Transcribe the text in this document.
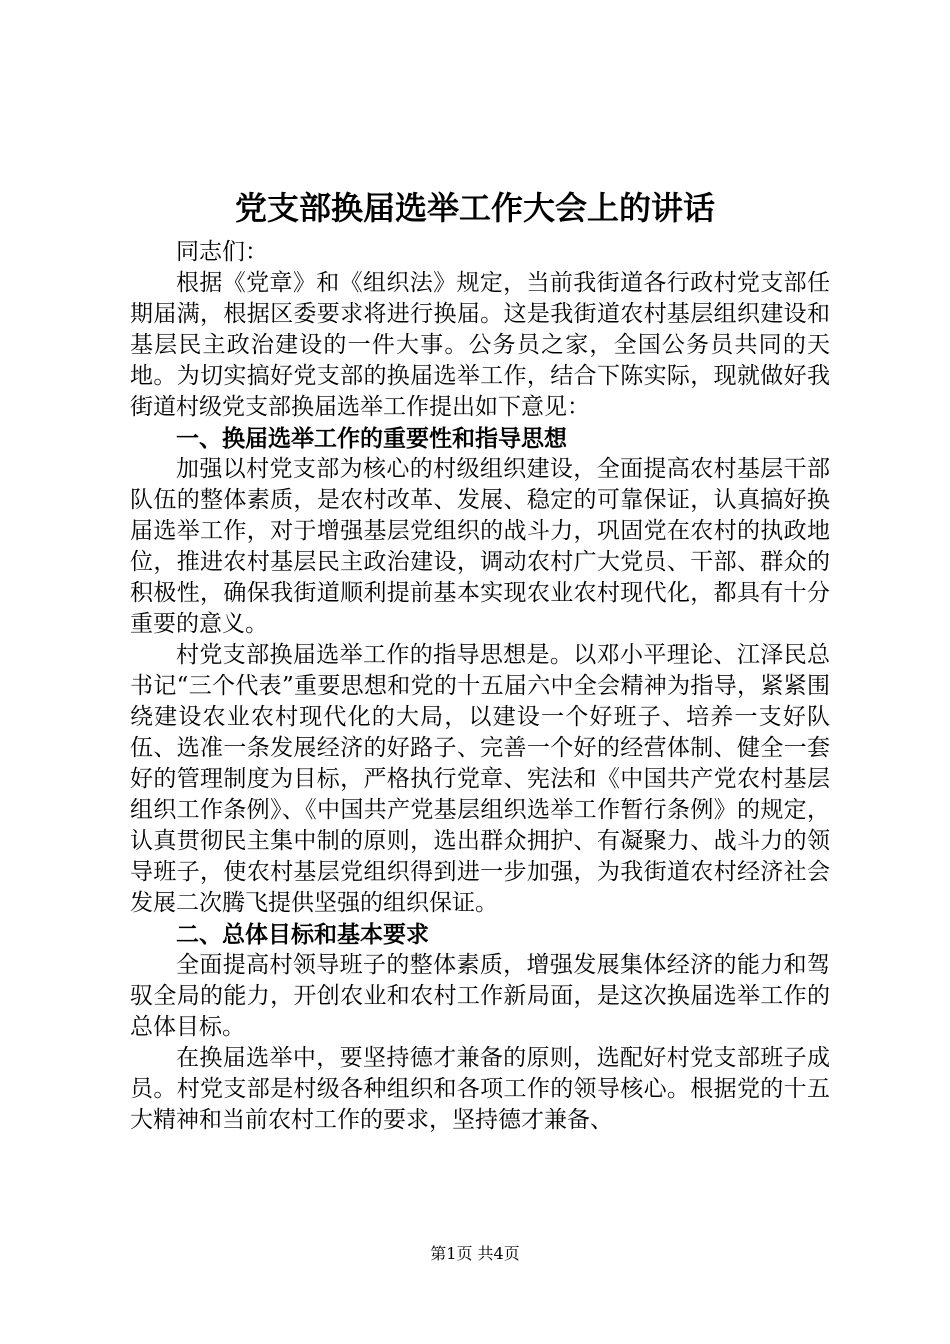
党支部换届选举工作大会上的讲话

同志们：

根据《党章》和《组织法》规定，当前我街道各行政村党支部任期届满，根据区委要求将进行换届。这是我街道农村基层组织建设和基层民主政治建设的一件大事。公务员之家，全国公务员共同的天地。为切实搞好党支部的换届选举工作，结合下陈实际，现就做好我街道村级党支部换届选举工作提出如下意见：

一、换届选举工作的重要性和指导思想

加强以村党支部为核心的村级组织建设，全面提高农村基层干部队伍的整体素质，是农村改革、发展、稳定的可靠保证，认真搞好换届选举工作，对于增强基层党组织的战斗力，巩固党在农村的执政地位，推进农村基层民主政治建设，调动农村广大党员、干部、群众的积极性，确保我街道顺利提前基本实现农业农村现代化，都具有十分重要的意义。

村党支部换届选举工作的指导思想是。以邓小平理论、江泽民总书记“三个代表”重要思想和党的十五届六中全会精神为指导，紧紧围绕建设农业农村现代化的大局，以建设一个好班子、培养一支好队伍、选准一条发展经济的好路子、完善一个好的经营体制、健全一套好的管理制度为目标，严格执行党章、宪法和《中国共产党农村基层组织工作条例》、《中国共产党基层组织选举工作暂行条例》的规定，认真贯彻民主集中制的原则，选出群众拥护、有凝聚力、战斗力的领导班子，使农村基层党组织得到进一步加强，为我街道农村经济社会发展二次腾飞提供坚强的组织保证。

二、总体目标和基本要求

全面提高村领导班子的整体素质，增强发展集体经济的能力和驾驭全局的能力，开创农业和农村工作新局面，是这次换届选举工作的总体目标。

在换届选举中，要坚持德才兼备的原则，选配好村党支部班子成员。村党支部是村级各种组织和各项工作的领导核心。根据党的十五大精神和当前农村工作的要求，坚持德才兼备、

第1页 共4页
